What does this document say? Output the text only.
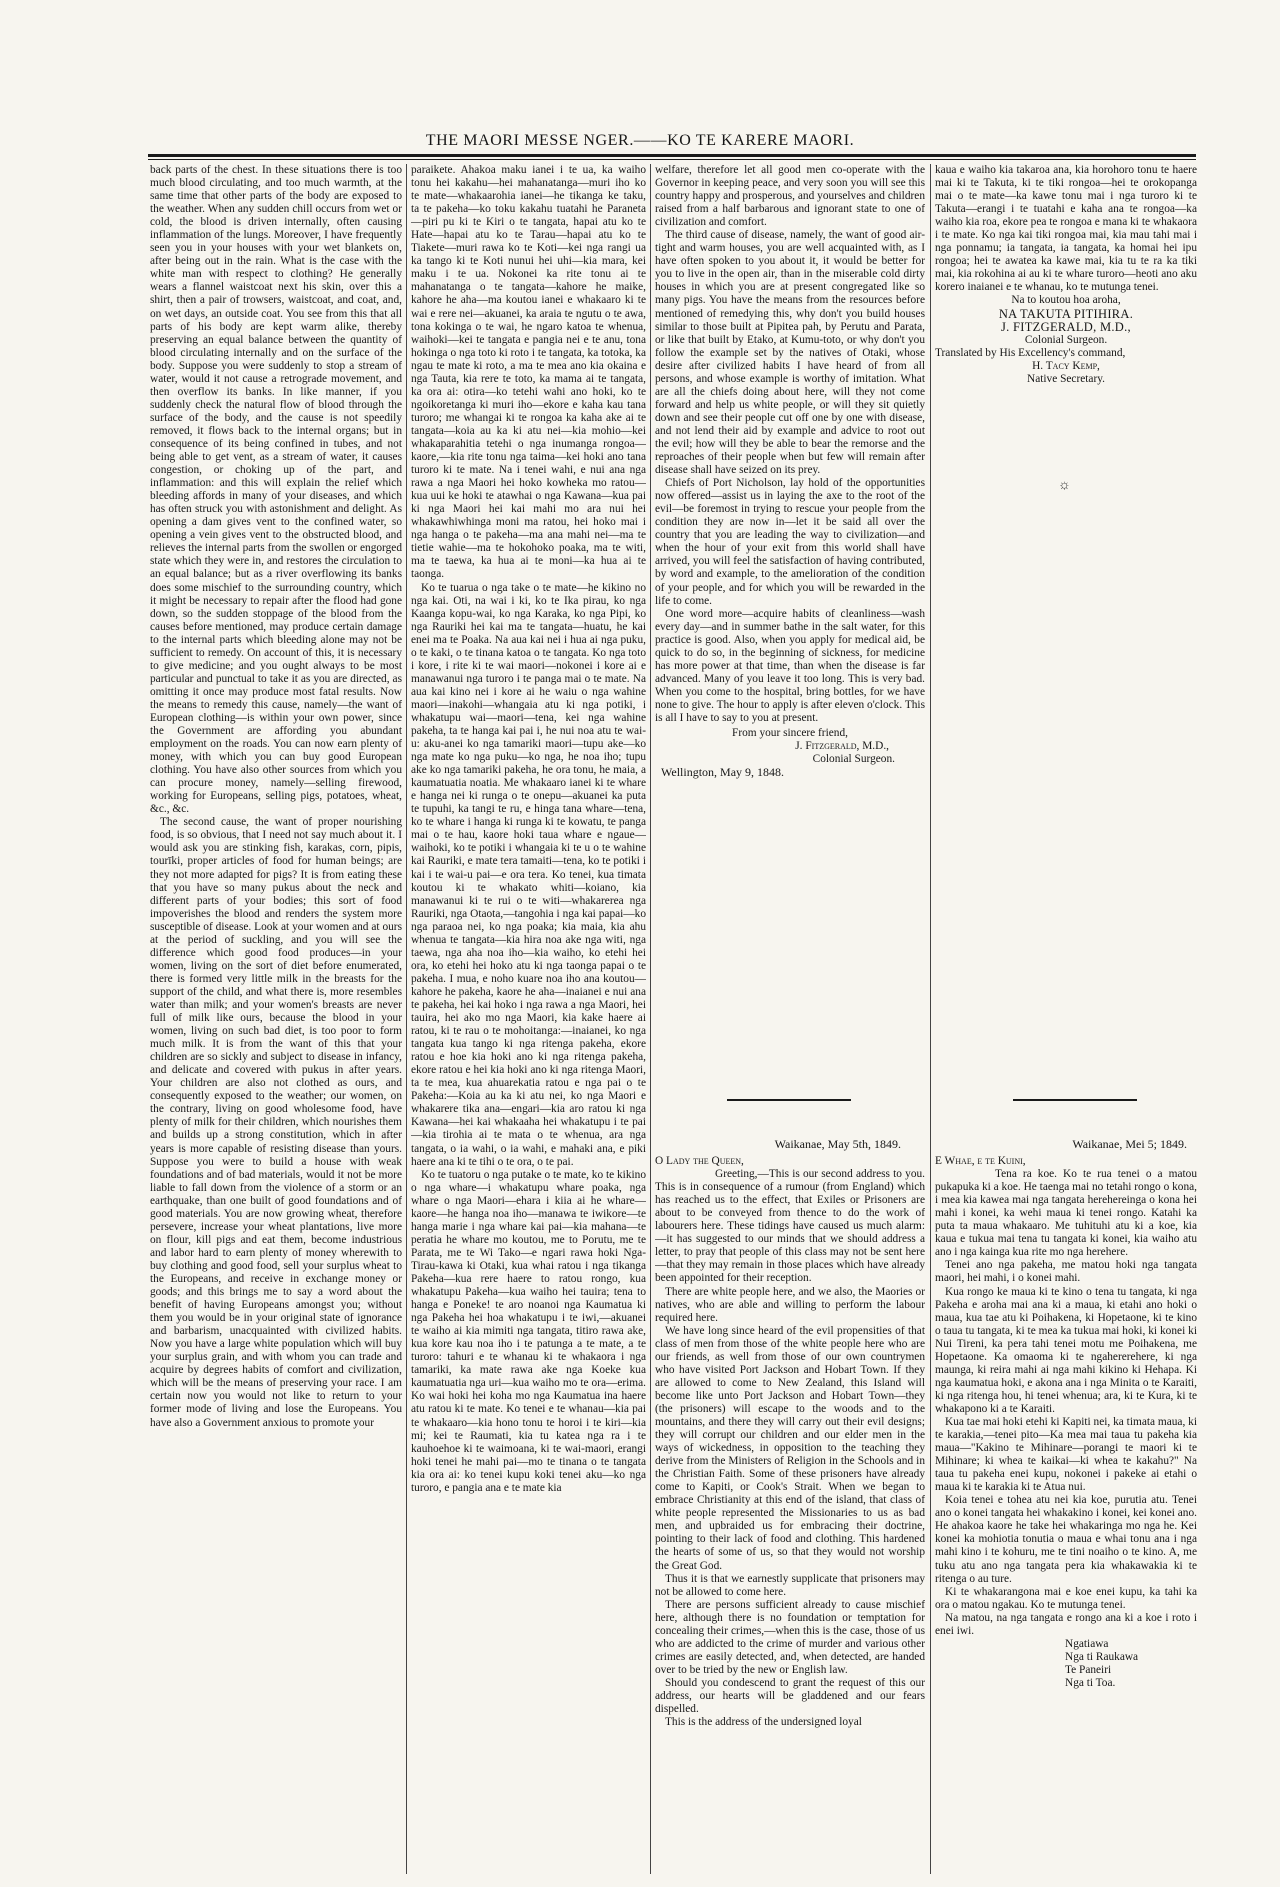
THE MAORI MESSE NGER.——KO TE KARERE MAORI.

back parts of the chest. In these situations there is too much blood circulating, and too much warmth, at the same time that other parts of the body are exposed to the weather. When any sudden chill occurs from wet or cold, the blood is driven internally, often causing inflammation of the lungs. Moreover, I have frequently seen you in your houses with your wet blankets on, after being out in the rain. What is the case with the white man with respect to clothing? He generally wears a flannel waistcoat next his skin, over this a shirt, then a pair of trowsers, waistcoat, and coat, and, on wet days, an outside coat. You see from this that all parts of his body are kept warm alike, thereby preserving an equal balance between the quantity of blood circulating internally and on the surface of the body. Suppose you were suddenly to stop a stream of water, would it not cause a retrograde movement, and then overflow its banks. In like manner, if you suddenly check the natural flow of blood through the surface of the body, and the cause is not speedily removed, it flows back to the internal organs; but in consequence of its being confined in tubes, and not being able to get vent, as a stream of water, it causes congestion, or choking up of the part, and inflammation: and this will explain the relief which bleeding affords in many of your diseases, and which has often struck you with astonishment and delight. As opening a dam gives vent to the confined water, so opening a vein gives vent to the obstructed blood, and relieves the internal parts from the swollen or engorged state which they were in, and restores the circulation to an equal balance; but as a river overflowing its banks does some mischief to the surrounding country, which it might be necessary to repair after the flood had gone down, so the sudden stoppage of the blood from the causes before mentioned, may produce certain damage to the internal parts which bleeding alone may not be sufficient to remedy. On account of this, it is necessary to give medicine; and you ought always to be most particular and punctual to take it as you are directed, as omitting it once may produce most fatal results. Now the means to remedy this cause, namely—the want of European clothing—is within your own power, since the Government are affording you abundant employment on the roads. You can now earn plenty of money, with which you can buy good European clothing. You have also other sources from which you can procure money, namely—selling firewood, working for Europeans, selling pigs, potatoes, wheat, &c., &c.

The second cause, the want of proper nourishing food, is so obvious, that I need not say much about it. I would ask you are stinking fish, karakas, corn, pipis, tourīki, proper articles of food for human beings; are they not more adapted for pigs? It is from eating these that you have so many pukus about the neck and different parts of your bodies; this sort of food impoverishes the blood and renders the system more susceptible of disease. Look at your women and at ours at the period of suckling, and you will see the difference which good food produces—in your women, living on the sort of diet before enumerated, there is formed very little milk in the breasts for the support of the child, and what there is, more resembles water than milk; and your women's breasts are never full of milk like ours, because the blood in your women, living on such bad diet, is too poor to form much milk. It is from the want of this that your children are so sickly and subject to disease in infancy, and delicate and covered with pukus in after years. Your children are also not clothed as ours, and consequently exposed to the weather; our women, on the contrary, living on good wholesome food, have plenty of milk for their children, which nourishes them and builds up a strong constitution, which in after years is more capable of resisting disease than yours. Suppose you were to build a house with weak foundations and of bad materials, would it not be more liable to fall down from the violence of a storm or an earthquake, than one built of good foundations and of good materials. You are now growing wheat, therefore persevere, increase your wheat plantations, live more on flour, kill pigs and eat them, become industrious and labor hard to earn plenty of money wherewith to buy clothing and good food, sell your surplus wheat to the Europeans, and receive in exchange money or goods; and this brings me to say a word about the benefit of having Europeans amongst you; without them you would be in your original state of ignorance and barbarism, unacquainted with civilized habits. Now you have a large white population which will buy your surplus grain, and with whom you can trade and acquire by degrees habits of comfort and civilization, which will be the means of preserving your race. I am certain now you would not like to return to your former mode of living and lose the Europeans. You have also a Government anxious to promote your

paraikete. Ahakoa maku ianei i te ua, ka waiho tonu hei kakahu—hei mahanatanga—muri iho ko te mate—whakaarohia ianei—he tikanga ke taku, ta te pakeha—ko toku kakahu tuatahi he Paraneta—piri pu ki te Kiri o te tangata, hapai atu ko te Hate—hapai atu ko te Tarau—hapai atu ko te Tiakete—muri rawa ko te Koti—kei nga rangi ua ka tango ki te Koti nunui hei uhi—kia mara, kei maku i te ua. Nokonei ka rite tonu ai te mahanatanga o te tangata—kahore he maike, kahore he aha—ma koutou ianei e whakaaro ki te wai e rere nei—akuanei, ka araia te ngutu o te awa, tona kokinga o te wai, he ngaro katoa te whenua, waihoki—kei te tangata e pangia nei e te anu, tona hokinga o nga toto ki roto i te tangata, ka totoka, ka ngau te mate ki roto, a ma te mea ano kia okaina e nga Tauta, kia rere te toto, ka mama ai te tangata, ka ora ai: otira—ko tetehi wahi ano hoki, ko te ngoikoretanga ki muri iho—ekore e kaha kau tana turoro; me whangai ki te rongoa ka kaha ake ai te tangata—koia au ka ki atu nei—kia mohio—kei whakaparahitia tetehi o nga inumanga rongoa—kaore,—kia rite tonu nga taima—kei hoki ano tana turoro ki te mate. Na i tenei wahi, e nui ana nga rawa a nga Maori hei hoko kowheka mo ratou—kua uui ke hoki te atawhai o nga Kawana—kua pai ki nga Maori hei kai mahi mo ara nui hei whakawhiwhinga moni ma ratou, hei hoko mai i nga hanga o te pakeha—ma ana mahi nei—ma te tietie wahie—ma te hokohoko poaka, ma te witi, ma te taewa, ka hua ai te moni—ka hua ai te taonga.

Ko te tuarua o nga take o te mate—he kikino no nga kai. Oti, na wai i ki, ko te Ika pirau, ko nga Kaanga kopu-wai, ko nga Karaka, ko nga Pipi, ko nga Rauriki hei kai ma te tangata—huatu, he kai enei ma te Poaka. Na aua kai nei i hua ai nga puku, o te kaki, o te tinana katoa o te tangata. Ko nga toto i kore, i rite ki te wai maori—nokonei i kore ai e manawanui nga turoro i te panga mai o te mate. Na aua kai kino nei i kore ai he waiu o nga wahine maori—inakohi—whangaia atu ki nga potiki, i whakatupu wai—maori—tena, kei nga wahine pakeha, ta te hanga kai pai i, he nui noa atu te wai-u: aku-anei ko nga tamariki maori—tupu ake—ko nga mate ko nga puku—ko nga, he noa iho; tupu ake ko nga tamariki pakeha, he ora tonu, he maia, a kaumatuatia noatia. Me whakaaro ianei ki te whare e hanga nei ki runga o te onepu—akuanei ka puta te tupuhi, ka tangi te ru, e hinga tana whare—tena, ko te whare i hanga ki runga ki te kowatu, te panga mai o te hau, kaore hoki taua whare e ngaue—waihoki, ko te potiki i whangaia ki te u o te wahine kai Rauriki, e mate tera tamaiti—tena, ko te potiki i kai i te wai-u pai—e ora tera. Ko tenei, kua timata koutou ki te whakato whiti—koiano, kia manawanui ki te rui o te witi—whakarerea nga Rauriki, nga Otaota,—tangohia i nga kai papai—ko nga paraoa nei, ko nga poaka; kia maia, kia ahu whenua te tangata—kia hira noa ake nga witi, nga taewa, nga aha noa iho—kia waiho, ko etehi hei ora, ko etehi hei hoko atu ki nga taonga papai o te pakeha. I mua, e noho kuare noa iho ana koutou—kahore he pakeha, kaore he aha—inaianei e nui ana te pakeha, hei kai hoko i nga rawa a nga Maori, hei tauira, hei ako mo nga Maori, kia kake haere ai ratou, ki te rau o te mohoitanga:—inaianei, ko nga tangata kua tango ki nga ritenga pakeha, ekore ratou e hoe kia hoki ano ki nga ritenga pakeha, ekore ratou e hei kia hoki ano ki nga ritenga Maori, ta te mea, kua ahuarekatia ratou e nga pai o te Pakeha:—Koia au ka ki atu nei, ko nga Maori e whakarere tika ana—engari—kia aro ratou ki nga Kawana—hei kai whakaaha hei whakatupu i te pai—kia tirohia ai te mata o te whenua, ara nga tangata, o ia wahi, o ia wahi, e mahaki ana, e piki haere ana ki te tihi o te ora, o te pai.

Ko te tuatoru o nga putake o te mate, ko te kikino o nga whare—i whakatupu whare poaka, nga whare o nga Maori—ehara i kiia ai he whare—kaore—he hanga noa iho—manawa te iwikore—te hanga marie i nga whare kai pai—kia mahana—te peratia he whare mo koutou, me to Porutu, me te Parata, me te Wi Tako—e ngari rawa hoki Nga-Tirau-kawa ki Otaki, kua whai ratou i nga tikanga Pakeha—kua rere haere to ratou rongo, kua whakatupu Pakeha—kua waiho hei tauira; tena to hanga e Poneke! te aro noanoi nga Kaumatua ki nga Pakeha hei hoa whakatupu i te iwi,—akuanei te waiho ai kia mimiti nga tangata, titiro rawa ake, kua kore kau noa iho i te patunga a te mate, a te turoro: tahuri e te whanau ki te whakaora i nga tamariki, ka mate rawa ake nga Koeke kua kaumatuatia nga uri—kua waiho mo te ora—erima. Ko wai hoki hei koha mo nga Kaumatua ina haere atu ratou ki te mate. Ko tenei e te whanau—kia pai te whakaaro—kia hono tonu te horoi i te kiri—kia mi; kei te Raumati, kia tu katea nga ra i te kauhoehoe ki te waimoana, ki te wai-maori, erangi hoki tenei he mahi pai—mo te tinana o te tangata kia ora ai: ko tenei kupu koki tenei aku—ko nga turoro, e pangia ana e te mate kia

welfare, therefore let all good men co-operate with the Governor in keeping peace, and very soon you will see this country happy and prosperous, and yourselves and children raised from a half barbarous and ignorant state to one of civilization and comfort.

The third cause of disease, namely, the want of good air-tight and warm houses, you are well acquainted with, as I have often spoken to you about it, it would be better for you to live in the open air, than in the miserable cold dirty houses in which you are at present congregated like so many pigs. You have the means from the resources before mentioned of remedying this, why don't you build houses similar to those built at Pipitea pah, by Perutu and Parata, or like that built by Etako, at Kumu-toto, or why don't you follow the example set by the natives of Otaki, whose desire after civilized habits I have heard of from all persons, and whose example is worthy of imitation. What are all the chiefs doing about here, will they not come forward and help us white people, or will they sit quietly down and see their people cut off one by one with disease, and not lend their aid by example and advice to root out the evil; how will they be able to bear the remorse and the reproaches of their people when but few will remain after disease shall have seized on its prey.

Chiefs of Port Nicholson, lay hold of the opportunities now offered—assist us in laying the axe to the root of the evil—be foremost in trying to rescue your people from the condition they are now in—let it be said all over the country that you are leading the way to civilization—and when the hour of your exit from this world shall have arrived, you will feel the satisfaction of having contributed, by word and example, to the amelioration of the condition of your people, and for which you will be rewarded in the life to come.

One word more—acquire habits of cleanliness—wash every day—and in summer bathe in the salt water, for this practice is good. Also, when you apply for medical aid, be quick to do so, in the beginning of sickness, for medicine has more power at that time, than when the disease is far advanced. Many of you leave it too long. This is very bad. When you come to the hospital, bring bottles, for we have none to give. The hour to apply is after eleven o'clock. This is all I have to say to you at present.

From your sincere friend,

J. Fitzgerald, M.D.,

Colonial Surgeon.

Wellington, May 9, 1848.

kaua e waiho kia takaroa ana, kia horohoro tonu te haere mai ki te Takuta, ki te tiki rongoa—hei te orokopanga mai o te mate—ka kawe tonu mai i nga turoro ki te Takuta—erangi i te tuatahi e kaha ana te rongoa—ka waiho kia roa, ekore pea te rongoa e mana ki te whakaora i te mate. Ko nga kai tiki rongoa mai, kia mau tahi mai i nga ponnamu; ia tangata, ia tangata, ka homai hei ipu rongoa; hei te awatea ka kawe mai, kia tu te ra ka tiki mai, kia rokohina ai au ki te whare turoro—heoti ano aku korero inaianei e te whanau, ko te mutunga tenei.

Na to koutou hoa aroha,

NA TAKUTA PITIHIRA.

J. FITZGERALD, M.D.,

Colonial Surgeon.

Translated by His Excellency's command,

H. Tacy Kemp,

Native Secretary.

☼

Waikanae, May 5th, 1849.

O Lady the Queen,

Greeting,—This is our second address to you. This is in consequence of a rumour (from England) which has reached us to the effect, that Exiles or Prisoners are about to be conveyed from thence to do the work of labourers here. These tidings have caused us much alarm:—it has suggested to our minds that we should address a letter, to pray that people of this class may not be sent here—that they may remain in those places which have already been appointed for their reception.

There are white people here, and we also, the Maories or natives, who are able and willing to perform the labour required here.

We have long since heard of the evil propensities of that class of men from those of the white people here who are our friends, as well from those of our own countrymen who have visited Port Jackson and Hobart Town. If they are allowed to come to New Zealand, this Island will become like unto Port Jackson and Hobart Town—they (the prisoners) will escape to the woods and to the mountains, and there they will carry out their evil designs; they will corrupt our children and our elder men in the ways of wickedness, in opposition to the teaching they derive from the Ministers of Religion in the Schools and in the Christian Faith. Some of these prisoners have already come to Kapiti, or Cook's Strait. When we began to embrace Christianity at this end of the island, that class of white people represented the Missionaries to us as bad men, and upbraided us for embracing their doctrine, pointing to their lack of food and clothing. This hardened the hearts of some of us, so that they would not worship the Great God.

Thus it is that we earnestly supplicate that prisoners may not be allowed to come here.

There are persons sufficient already to cause mischief here, although there is no foundation or temptation for concealing their crimes,—when this is the case, those of us who are addicted to the crime of murder and various other crimes are easily detected, and, when detected, are handed over to be tried by the new or English law.

Should you condescend to grant the request of this our address, our hearts will be gladdened and our fears dispelled.

This is the address of the undersigned loyal

Waikanae, Mei 5; 1849.

E Whae, e te Kuini,

Tena ra koe. Ko te rua tenei o a matou pukapuka ki a koe. He taenga mai no tetahi rongo o kona, i mea kia kawea mai nga tangata herehereinga o kona hei mahi i konei, ka wehi maua ki tenei rongo. Katahi ka puta ta maua whakaaro. Me tuhituhi atu ki a koe, kia kaua e tukua mai tena tu tangata ki konei, kia waiho atu ano i nga kainga kua rite mo nga herehere.

Tenei ano nga pakeha, me matou hoki nga tangata maori, hei mahi, i o konei mahi.

Kua rongo ke maua ki te kino o tena tu tangata, ki nga Pakeha e aroha mai ana ki a maua, ki etahi ano hoki o maua, kua tae atu ki Poihakena, ki Hopetaone, ki te kino o taua tu tangata, ki te mea ka tukua mai hoki, ki konei ki Nui Tireni, ka pera tahi tenei motu me Poihakena, me Hopetaone. Ka omaoma ki te ngahererehere, ki nga maunga, ki reira mahi ai nga mahi kikino ki Hehapa. Ki nga kaumatua hoki, e akona ana i nga Minita o te Karaiti, ki nga ritenga hou, hi tenei whenua; ara, ki te Kura, ki te whakapono ki a te Karaiti.

Kua tae mai hoki etehi ki Kapiti nei, ka timata maua, ki te karakia,—tenei pito—Ka mea mai taua tu pakeha kia maua—"Kakino te Mihinare—porangi te maori ki te Mihinare; ki whea te kaikai—ki whea te kakahu?" Na taua tu pakeha enei kupu, nokonei i pakeke ai etahi o maua ki te karakia ki te Atua nui.

Koia tenei e tohea atu nei kia koe, purutia atu. Tenei ano o konei tangata hei whakakino i konei, kei konei ano. He ahakoa kaore he take hei whakaringa mo nga he. Kei konei ka mohiotia tonutia o maua e whai tonu ana i nga mahi kino i te kohuru, me te tini noaiho o te kino. A, me tuku atu ano nga tangata pera kia whakawakia ki te ritenga o au ture.

Ki te whakarangona mai e koe enei kupu, ka tahi ka ora o matou ngakau. Ko te mutunga tenei.

Na matou, na nga tangata e rongo ana ki a koe i roto i enei iwi.

Ngatiawa

Nga ti Raukawa

Te Paneiri

Nga ti Toa.
